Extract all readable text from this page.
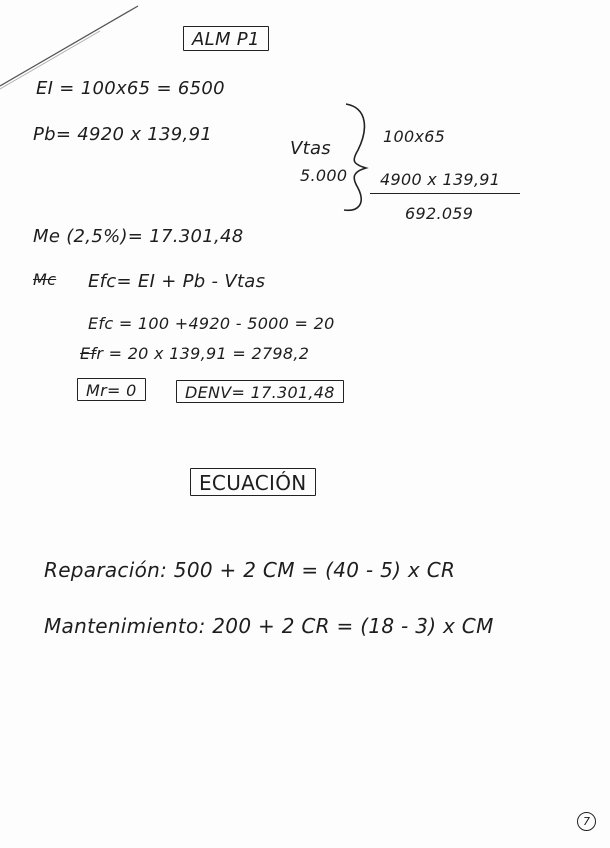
ALM P1
EI = 100x65 = 6500
Pb= 4920 x 139,91
Vtas
5.000
100x65
4900 x 139,91
692.059
Me (2,5%)= 17.301,48
Mc Efc= EI + Pb - Vtas
Efc = 100 +4920 - 5000 = 20
Efr = 20 x 139,91 = 2798,2
Mr= 0	DENV= 17.301,48
ECUACIÓN
Reparación: 500 + 2 CM = (40 - 5) x CR
Mantenimiento: 200 + 2 CR = (18 - 3) x CM
7
